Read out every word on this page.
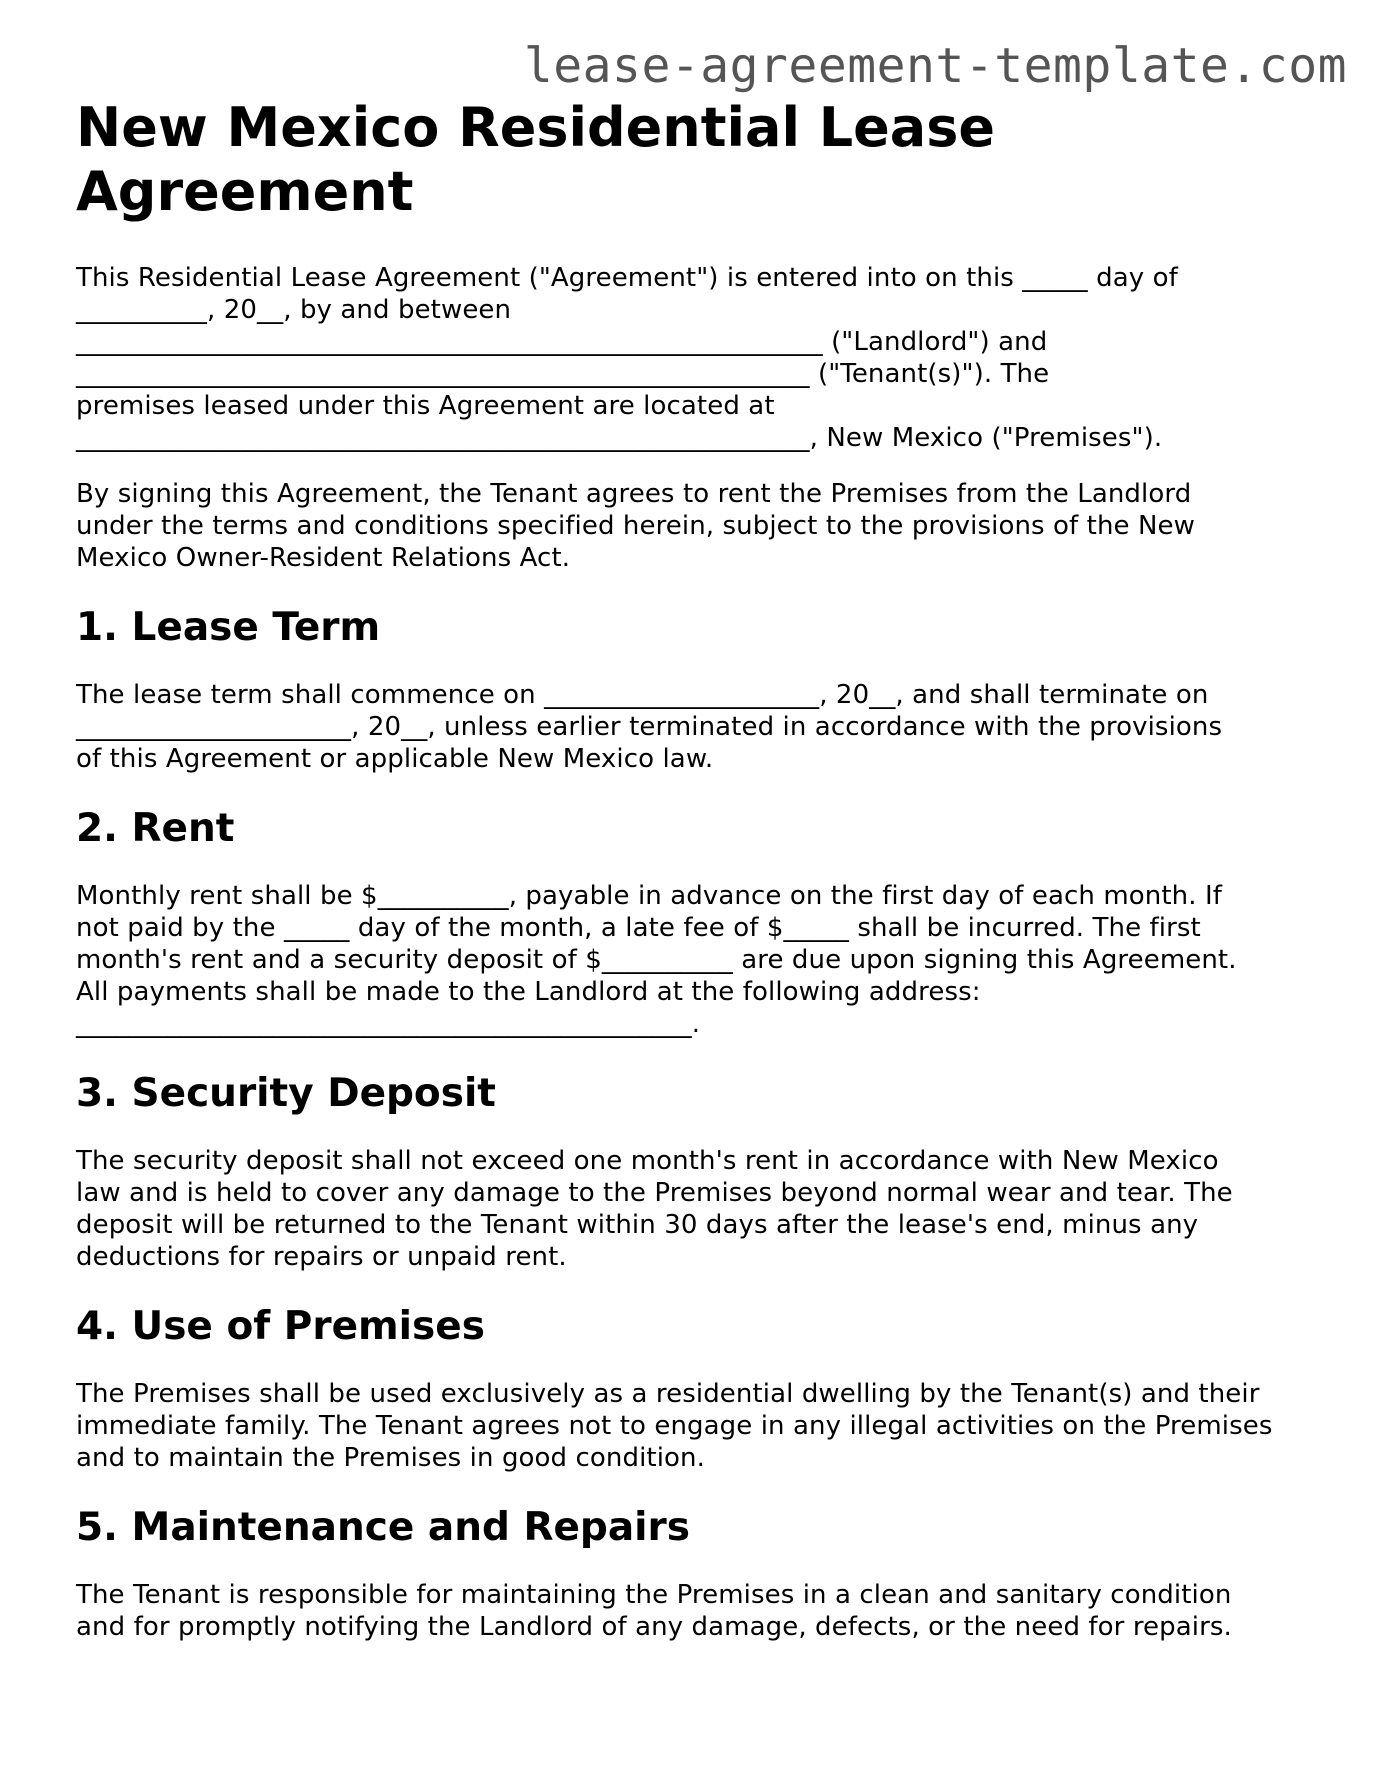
lease-agreement-template.com
New Mexico Residential Lease Agreement

This Residential Lease Agreement ("Agreement") is entered into on this _____ day of
__________, 20__, by and between
_________________________________________________________ ("Landlord") and
________________________________________________________ ("Tenant(s)"). The
premises leased under this Agreement are located at
________________________________________________________, New Mexico ("Premises").

By signing this Agreement, the Tenant agrees to rent the Premises from the Landlord
under the terms and conditions specified herein, subject to the provisions of the New
Mexico Owner-Resident Relations Act.

1. Lease Term

The lease term shall commence on _____________________, 20__, and shall terminate on
_____________________, 20__, unless earlier terminated in accordance with the provisions
of this Agreement or applicable New Mexico law.

2. Rent

Monthly rent shall be $__________, payable in advance on the first day of each month. If
not paid by the _____ day of the month, a late fee of $_____ shall be incurred. The first
month's rent and a security deposit of $__________ are due upon signing this Agreement.
All payments shall be made to the Landlord at the following address:
_______________________________________________.

3. Security Deposit

The security deposit shall not exceed one month's rent in accordance with New Mexico
law and is held to cover any damage to the Premises beyond normal wear and tear. The
deposit will be returned to the Tenant within 30 days after the lease's end, minus any
deductions for repairs or unpaid rent.

4. Use of Premises

The Premises shall be used exclusively as a residential dwelling by the Tenant(s) and their
immediate family. The Tenant agrees not to engage in any illegal activities on the Premises
and to maintain the Premises in good condition.

5. Maintenance and Repairs

The Tenant is responsible for maintaining the Premises in a clean and sanitary condition
and for promptly notifying the Landlord of any damage, defects, or the need for repairs.
